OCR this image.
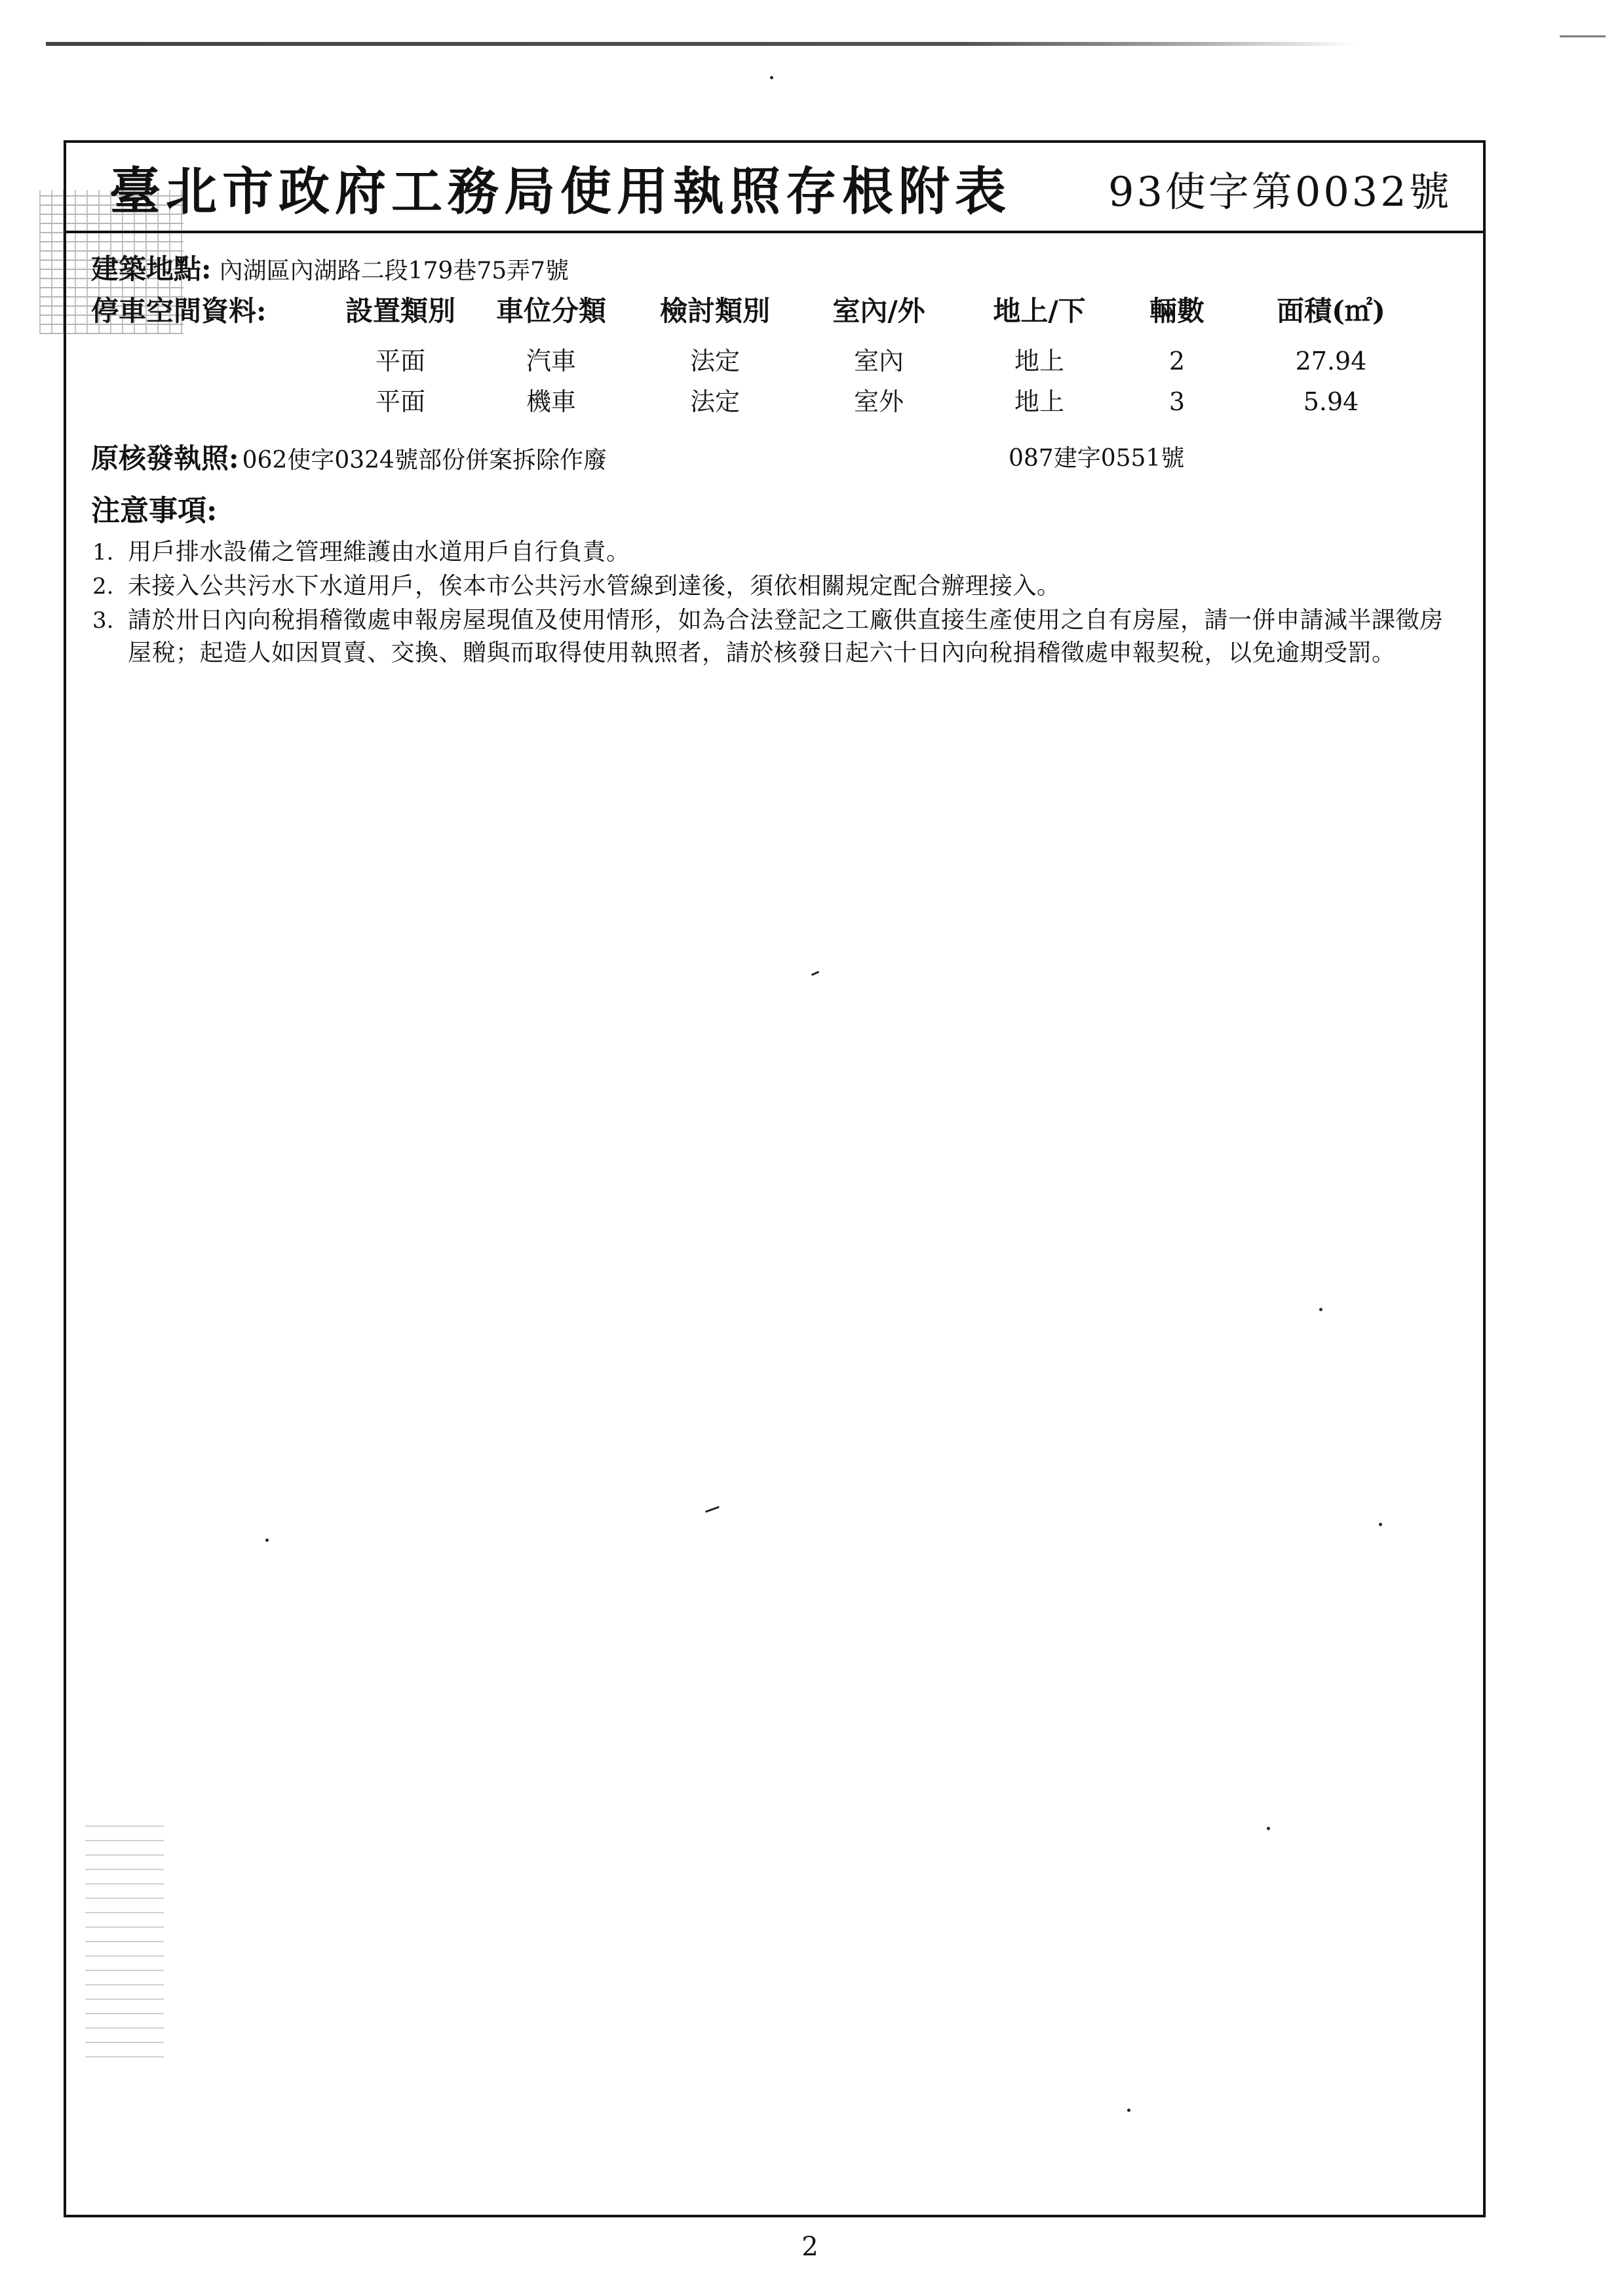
臺北市政府工務局使用執照存根附表 93使字第0032號
建築地點: 內湖區內湖路二段179巷75弄7號
停車空間資料:	設置類別	車位分類	檢討類別	室內/外	地上/下	輛數	面積(㎡)
平面	汽車	法定	室內	地上	2	27.94
平面	機車	法定	室外	地上	3	5.94
原核發執照: 062使字0324號部份併案拆除作廢	087建字0551號
注意事項:
1. 用戶排水設備之管理維護由水道用戶自行負責。
2. 未接入公共污水下水道用戶，俟本市公共污水管線到達後，須依相關規定配合辦理接入。
3. 請於卅日內向稅捐稽徵處申報房屋現值及使用情形，如為合法登記之工廠供直接生產使用之自有房屋，請一併申請減半課徵房屋稅；起造人如因買賣、交換、贈與而取得使用執照者，請於核發日起六十日內向稅捐稽徵處申報契稅，以免逾期受罰。
2
